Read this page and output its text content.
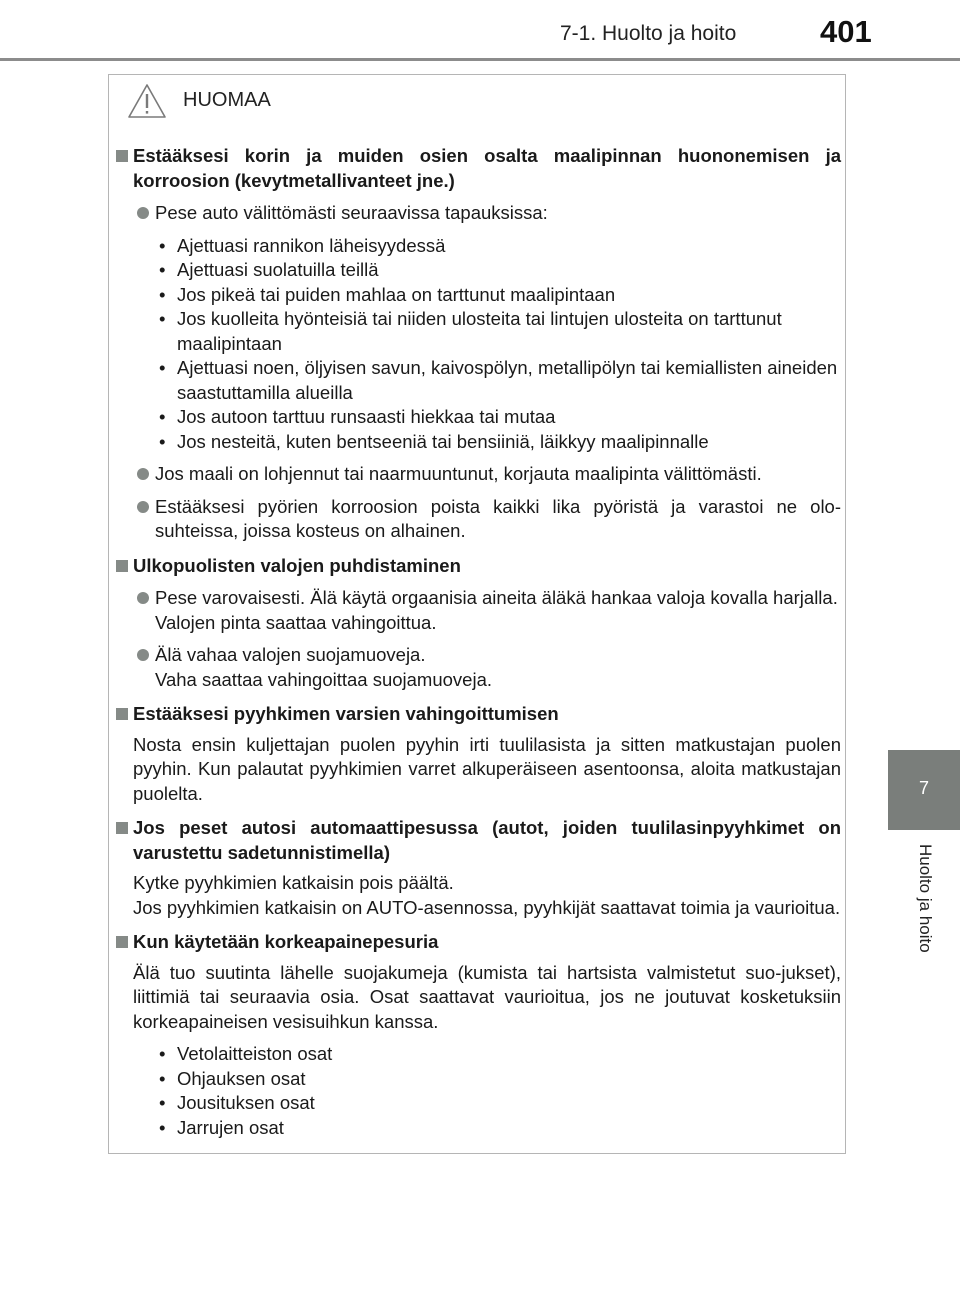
7-1. Huolto ja hoito	401
7
Huolto ja hoito
HUOMAA
Estääksesi korin ja muiden osien osalta maalipinnan huononemisen ja korroosion (kevytmetallivanteet jne.)
Pese auto välittömästi seuraavissa tapauksissa:
• Ajettuasi rannikon läheisyydessä
• Ajettuasi suolatuilla teillä
• Jos pikeä tai puiden mahlaa on tarttunut maalipintaan
• Jos kuolleita hyönteisiä tai niiden ulosteita tai lintujen ulosteita on tarttunut maalipintaan
• Ajettuasi noen, öljyisen savun, kaivospölyn, metallipölyn tai kemiallisten aineiden saastuttamilla alueilla
• Jos autoon tarttuu runsaasti hiekkaa tai mutaa
• Jos nesteitä, kuten bentseeniä tai bensiiniä, läikkyy maalipinnalle
Jos maali on lohjennut tai naarmuuntunut, korjauta maalipinta välittömästi.
Estääksesi pyörien korroosion poista kaikki lika pyöristä ja varastoi ne olo-suhteissa, joissa kosteus on alhainen.
Ulkopuolisten valojen puhdistaminen
Pese varovaisesti. Älä käytä orgaanisia aineita äläkä hankaa valoja kovalla harjalla.
Valojen pinta saattaa vahingoittua.
Älä vahaa valojen suojamuoveja.
Vaha saattaa vahingoittaa suojamuoveja.
Estääksesi pyyhkimen varsien vahingoittumisen
Nosta ensin kuljettajan puolen pyyhin irti tuulilasista ja sitten matkustajan puolen pyyhin. Kun palautat pyyhkimien varret alkuperäiseen asentoonsa, aloita matkustajan puolelta.
Jos peset autosi automaattipesussa (autot, joiden tuulilasinpyyhkimet on varustettu sadetunnistimella)
Kytke pyyhkimien katkaisin pois päältä.
Jos pyyhkimien katkaisin on AUTO-asennossa, pyyhkijät saattavat toimia ja vaurioitua.
Kun käytetään korkeapainepesuria
Älä tuo suutinta lähelle suojakumeja (kumista tai hartsista valmistetut suo-jukset), liittimiä tai seuraavia osia. Osat saattavat vaurioitua, jos ne joutuvat kosketuksiin korkeapaineisen vesisuihkun kanssa.
• Vetolaitteiston osat
• Ohjauksen osat
• Jousituksen osat
• Jarrujen osat
